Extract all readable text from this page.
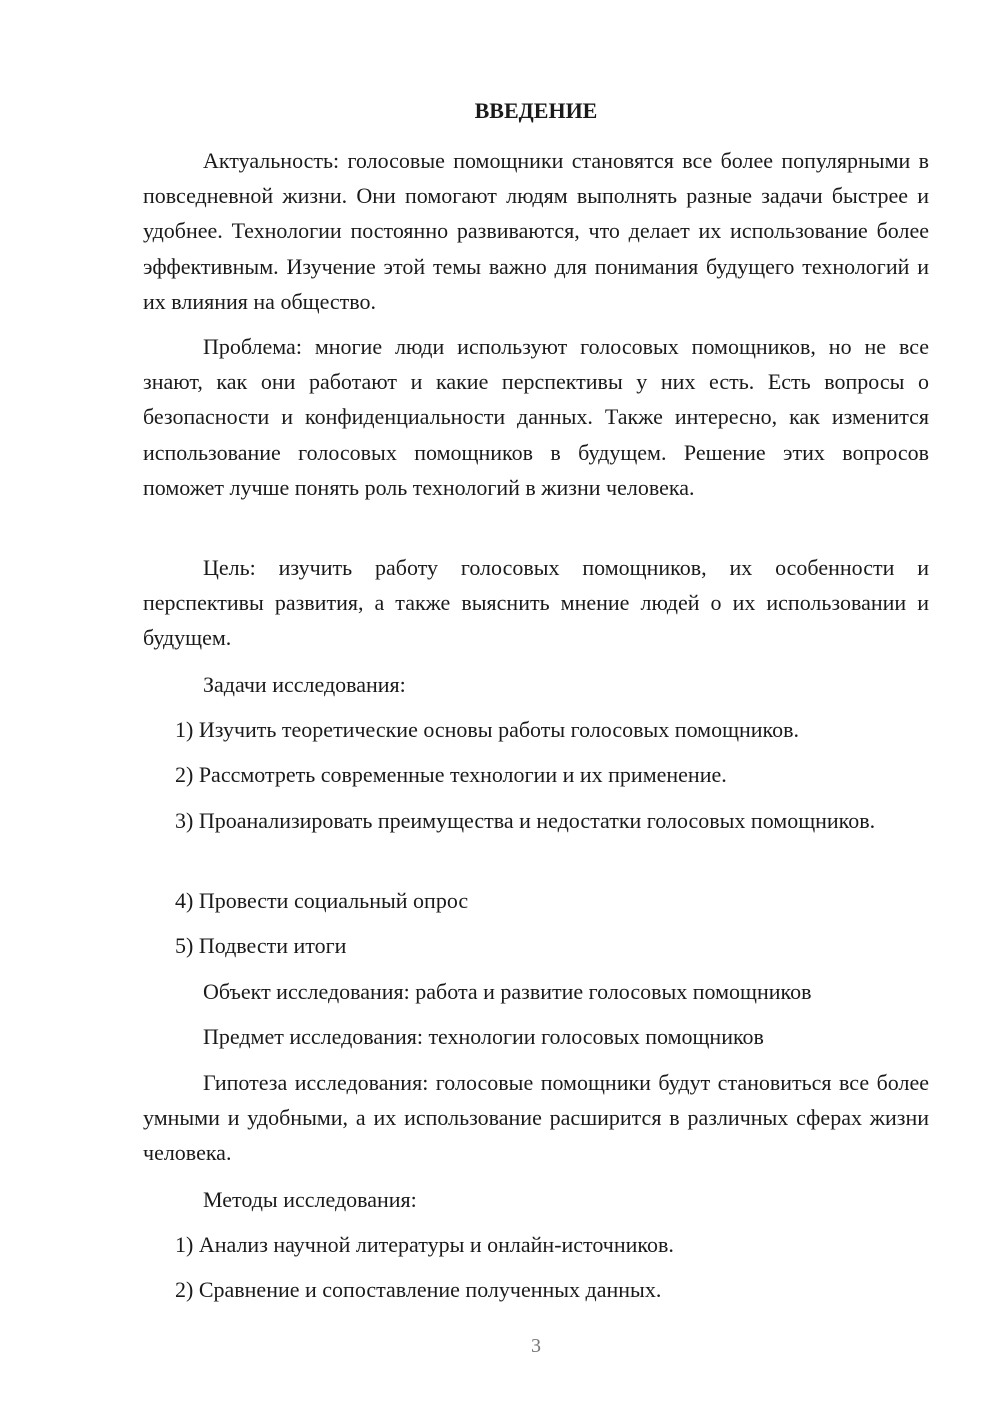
ВВЕДЕНИЕ

Актуальность: голосовые помощники становятся все более популярными в повседневной жизни. Они помогают людям выполнять разные задачи быстрее и удобнее. Технологии постоянно развиваются, что делает их использование более эффективным. Изучение этой темы важно для понимания будущего технологий и их влияния на общество.

Проблема: многие люди используют голосовых помощников, но не все знают, как они работают и какие перспективы у них есть. Есть вопросы о безопасности и конфиденциальности данных. Также интересно, как изменится использование голосовых помощников в будущем. Решение этих вопросов поможет лучше понять роль технологий в жизни человека.

Цель: изучить работу голосовых помощников, их особенности и перспективы развития, а также выяснить мнение людей о их использовании и будущем.

Задачи исследования:

1) Изучить теоретические основы работы голосовых помощников.

2) Рассмотреть современные технологии и их применение.

3) Проанализировать преимущества и недостатки голосовых помощников.

4) Провести социальный опрос

5) Подвести итоги

Объект исследования: работа и развитие голосовых помощников

Предмет исследования: технологии голосовых помощников

Гипотеза исследования: голосовые помощники будут становиться все более умными и удобными, а их использование расширится в различных сферах жизни человека.

Методы исследования:

1) Анализ научной литературы и онлайн-источников.

2) Сравнение и сопоставление полученных данных.

3
